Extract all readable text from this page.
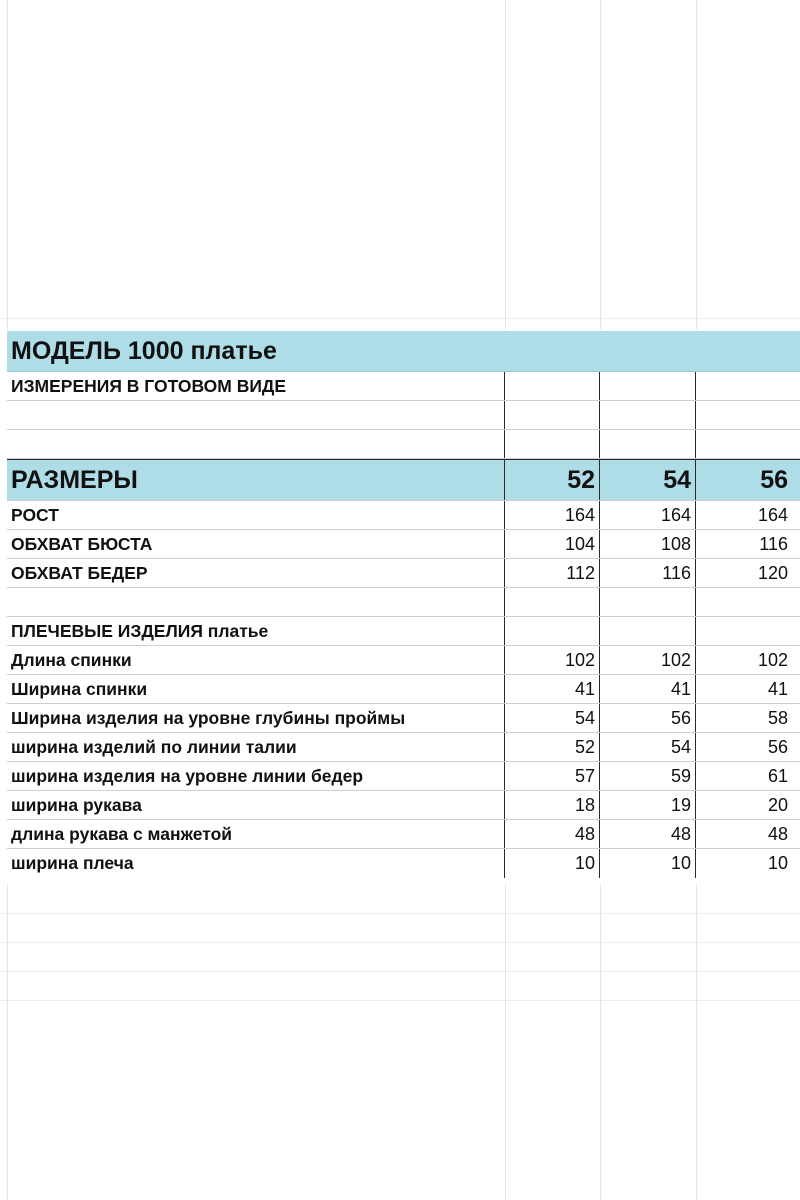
МОДЕЛЬ 1000 платье
ИЗМЕРЕНИЯ В ГОТОВОМ ВИДЕ
РАЗМЕРЫ	52	54	56
РОСТ	164	164	164
ОБХВАТ БЮСТА	104	108	116
ОБХВАТ БЕДЕР	112	116	120
ПЛЕЧЕВЫЕ ИЗДЕЛИЯ
платье
Длина спинки	102	102	102
Ширина спинки	41	41	41
Ширина изделия на уровне глубины проймы	54	56	58
ширина изделий по линии талии	52	54	56
ширина изделия на уровне линии бедер	57	59	61
ширина рукава	18	19	20
длина рукава с манжетой	48	48	48
ширина плеча	10	10	10
